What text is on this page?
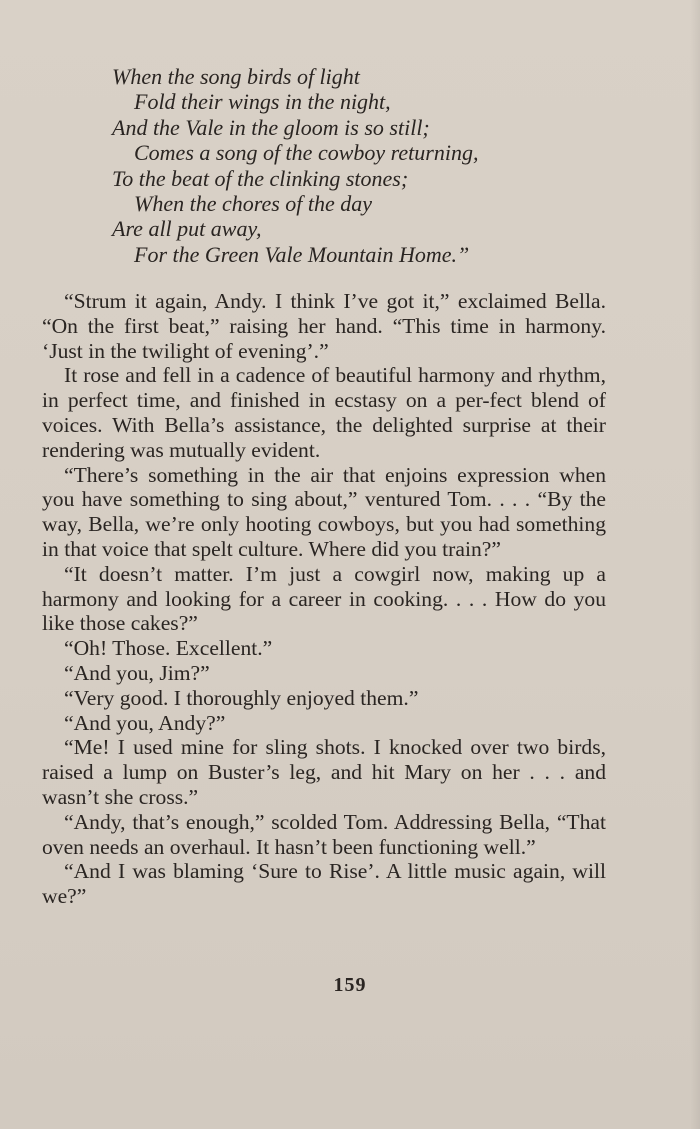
When the song birds of light
Fold their wings in the night,
And the Vale in the gloom is so still;
Comes a song of the cowboy returning,
To the beat of the clinking stones;
When the chores of the day
Are all put away,
For the Green Vale Mountain Home.”

“Strum it again, Andy. I think I’ve got it,” exclaimed Bella. “On the first beat,” raising her hand. “This time in harmony. ‘Just in the twilight of evening’.”

It rose and fell in a cadence of beautiful harmony and rhythm, in perfect time, and finished in ecstasy on a per-fect blend of voices. With Bella’s assistance, the delighted surprise at their rendering was mutually evident.

“There’s something in the air that enjoins expression when you have something to sing about,” ventured Tom. . . . “By the way, Bella, we’re only hooting cowboys, but you had something in that voice that spelt culture. Where did you train?”

“It doesn’t matter. I’m just a cowgirl now, making up a harmony and looking for a career in cooking. . . . How do you like those cakes?”

“Oh! Those. Excellent.”

“And you, Jim?”

“Very good. I thoroughly enjoyed them.”

“And you, Andy?”

“Me! I used mine for sling shots. I knocked over two birds, raised a lump on Buster’s leg, and hit Mary on her . . . and wasn’t she cross.”

“Andy, that’s enough,” scolded Tom. Addressing Bella, “That oven needs an overhaul. It hasn’t been functioning well.”

“And I was blaming ‘Sure to Rise’. A little music again, will we?”

159
